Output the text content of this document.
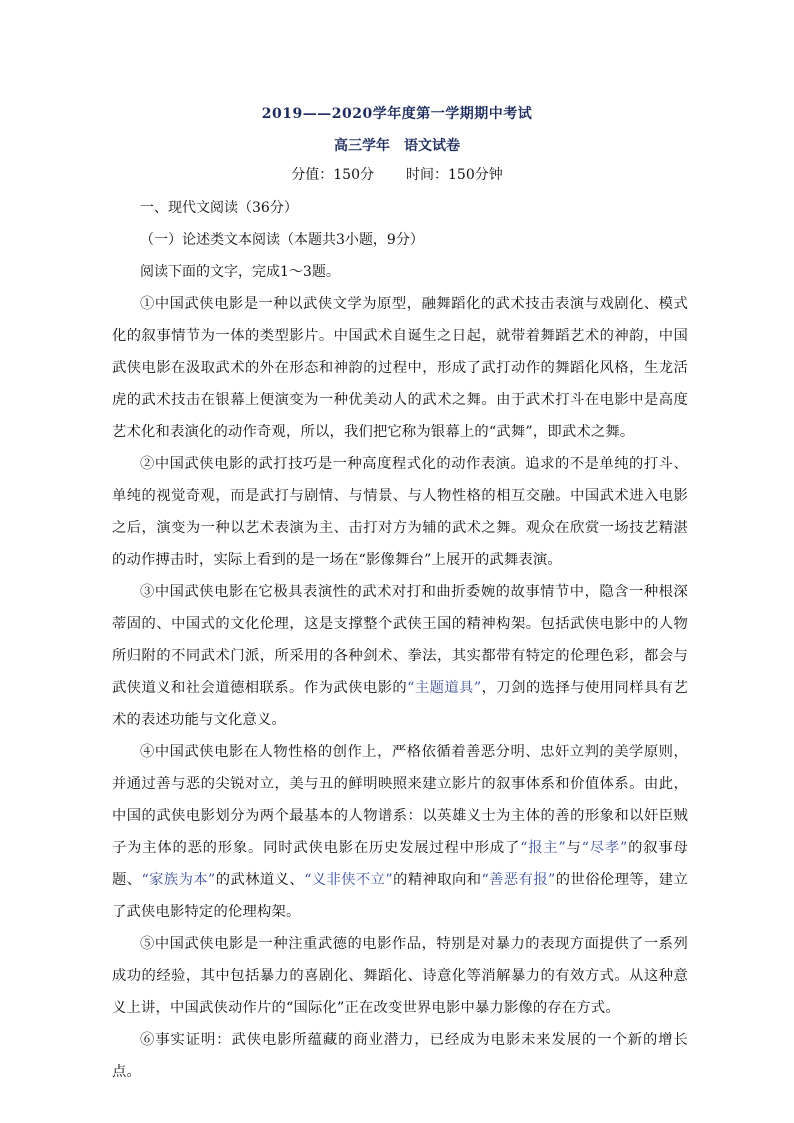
2019——2020学年度第一学期期中考试
高三学年　语文试卷
分值：150分 时间：150分钟

一、现代文阅读（36分）

（一）论述类文本阅读（本题共3小题，9分）

阅读下面的文字，完成1～3题。

①中国武侠电影是一种以武侠文学为原型，融舞蹈化的武术技击表演与戏剧化、模式化的叙事情节为一体的类型影片。中国武术自诞生之日起，就带着舞蹈艺术的神韵，中国武侠电影在汲取武术的外在形态和神韵的过程中，形成了武打动作的舞蹈化风格，生龙活虎的武术技击在银幕上便演变为一种优美动人的武术之舞。由于武术打斗在电影中是高度艺术化和表演化的动作奇观，所以，我们把它称为银幕上的“武舞”，即武术之舞。

②中国武侠电影的武打技巧是一种高度程式化的动作表演。追求的不是单纯的打斗、单纯的视觉奇观，而是武打与剧情、与情景、与人物性格的相互交融。中国武术进入电影之后，演变为一种以艺术表演为主、击打对方为辅的武术之舞。观众在欣赏一场技艺精湛的动作搏击时，实际上看到的是一场在“影像舞台”上展开的武舞表演。

③中国武侠电影在它极具表演性的武术对打和曲折委婉的故事情节中，隐含一种根深蒂固的、中国式的文化伦理，这是支撑整个武侠王国的精神构架。包括武侠电影中的人物所归附的不同武术门派，所采用的各种剑术、拳法，其实都带有特定的伦理色彩，都会与武侠道义和社会道德相联系。作为武侠电影的“主题道具”，刀剑的选择与使用同样具有艺术的表述功能与文化意义。

④中国武侠电影在人物性格的创作上，严格依循着善恶分明、忠奸立判的美学原则，并通过善与恶的尖锐对立，美与丑的鲜明映照来建立影片的叙事体系和价值体系。由此，中国的武侠电影划分为两个最基本的人物谱系：以英雄义士为主体的善的形象和以奸臣贼子为主体的恶的形象。同时武侠电影在历史发展过程中形成了“报主”与“尽孝”的叙事母题、“家族为本”的武林道义、“义非侠不立”的精神取向和“善恶有报”的世俗伦理等，建立了武侠电影特定的伦理构架。

⑤中国武侠电影是一种注重武德的电影作品，特别是对暴力的表现方面提供了一系列成功的经验，其中包括暴力的喜剧化、舞蹈化、诗意化等消解暴力的有效方式。从这种意义上讲，中国武侠动作片的“国际化”正在改变世界电影中暴力影像的存在方式。

⑥事实证明：武侠电影所蕴藏的商业潜力，已经成为电影未来发展的一个新的增长点。
